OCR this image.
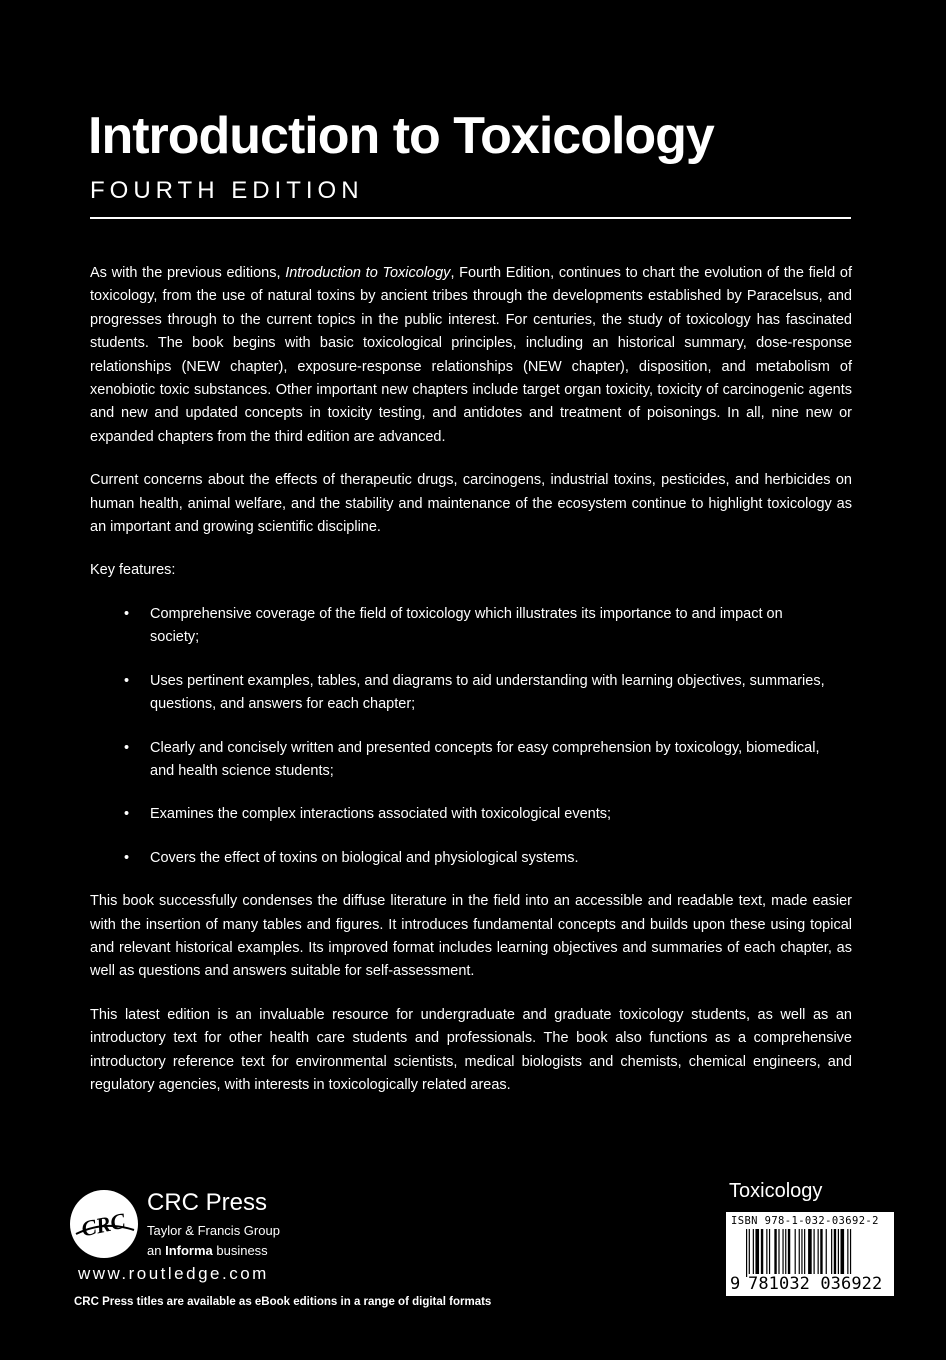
Introduction to Toxicology
FOURTH EDITION

As with the previous editions, Introduction to Toxicology, Fourth Edition, continues to chart the evolution of the field of toxicology, from the use of natural toxins by ancient tribes through the developments established by Paracelsus, and progresses through to the current topics in the public interest. For centuries, the study of toxicology has fascinated students. The book begins with basic toxicological principles, including an historical summary, dose-response relationships (NEW chapter), exposure-response relationships (NEW chapter), disposition, and metabolism of xenobiotic toxic substances. Other important new chapters include target organ toxicity, toxicity of carcinogenic agents and new and updated concepts in toxicity testing, and antidotes and treatment of poisonings. In all, nine new or expanded chapters from the third edition are advanced.

Current concerns about the effects of therapeutic drugs, carcinogens, industrial toxins, pesticides, and herbicides on human health, animal welfare, and the stability and maintenance of the ecosystem continue to highlight toxicology as an important and growing scientific discipline.

Key features:

• Comprehensive coverage of the field of toxicology which illustrates its importance to and impact on society;
• Uses pertinent examples, tables, and diagrams to aid understanding with learning objectives, summaries, questions, and answers for each chapter;
• Clearly and concisely written and presented concepts for easy comprehension by toxicology, biomedical, and health science students;
• Examines the complex interactions associated with toxicological events;
• Covers the effect of toxins on biological and physiological systems.

This book successfully condenses the diffuse literature in the field into an accessible and readable text, made easier with the insertion of many tables and figures. It introduces fundamental concepts and builds upon these using topical and relevant historical examples. Its improved format includes learning objectives and summaries of each chapter, as well as questions and answers suitable for self-assessment.

This latest edition is an invaluable resource for undergraduate and graduate toxicology students, as well as an introductory text for other health care students and professionals. The book also functions as a comprehensive introductory reference text for environmental scientists, medical biologists and chemists, chemical engineers, and regulatory agencies, with interests in toxicologically related areas.

CRC
CRC Press
Taylor & Francis Group
an Informa business
www.routledge.com
CRC Press titles are available as eBook editions in a range of digital formats
Toxicology
ISBN 978-1-032-03692-2
9 781032 036922
